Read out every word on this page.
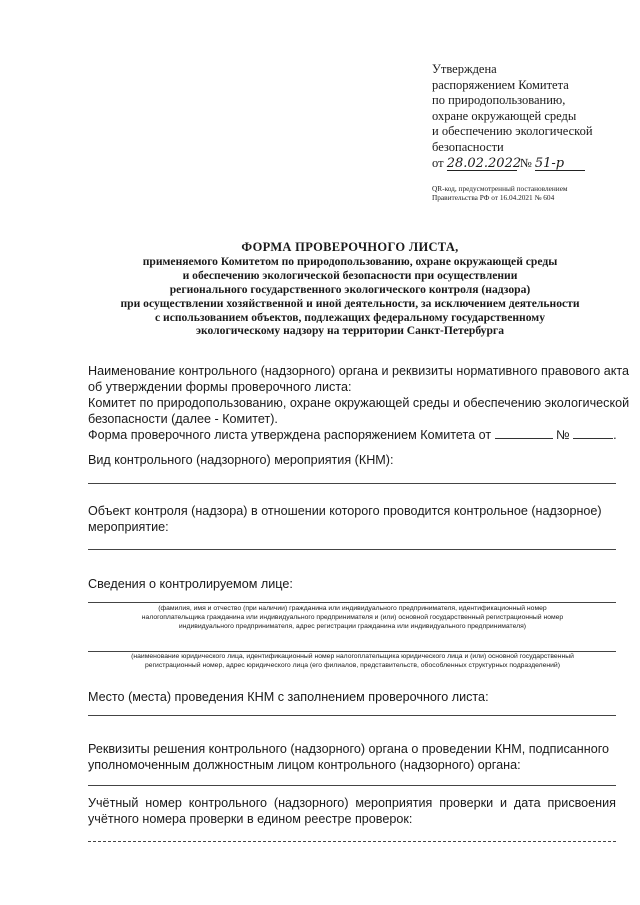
Утверждена
распоряжением Комитета
по природопользованию,
охране окружающей среды
и обеспечению экологической
безопасности
от 28.02.2022 № 51-р
QR-код, предусмотренный постановлением
Правительства РФ от 16.04.2021 № 604
ФОРМА ПРОВЕРОЧНОГО ЛИСТА,
применяемого Комитетом по природопользованию, охране окружающей среды
и обеспечению экологической безопасности при осуществлении
регионального государственного экологического контроля (надзора)
при осуществлении хозяйственной и иной деятельности, за исключением деятельности
с использованием объектов, подлежащих федеральному государственному
экологическому надзору на территории Санкт-Петербурга
Наименование контрольного (надзорного) органа и реквизиты нормативного правового акта
об утверждении формы проверочного листа:
Комитет по природопользованию, охране окружающей среды и обеспечению экологической
безопасности (далее - Комитет).
Форма проверочного листа утверждена распоряжением Комитета от	№	.
Вид контрольного (надзорного) мероприятия (КНМ):
Объект контроля (надзора) в отношении которого проводится контрольное (надзорное)
мероприятие:
Сведения о контролируемом лице:
(фамилия, имя и отчество (при наличии) гражданина или индивидуального предпринимателя, идентификационный номер
налогоплательщика гражданина или индивидуального предпринимателя и (или) основной государственный регистрационный номер
индивидуального предпринимателя, адрес регистрации гражданина или индивидуального предпринимателя)
(наименование юридического лица, идентификационный номер налогоплательщика юридического лица и (или) основной государственный
регистрационный номер, адрес юридического лица (его филиалов, представительств, обособленных структурных подразделений)
Место (места) проведения КНМ с заполнением проверочного листа:
Реквизиты решения контрольного (надзорного) органа о проведении КНМ, подписанного
уполномоченным должностным лицом контрольного (надзорного) органа:
Учётный номер контрольного (надзорного) мероприятия проверки и дата присвоения
учётного номера проверки в едином реестре проверок:
